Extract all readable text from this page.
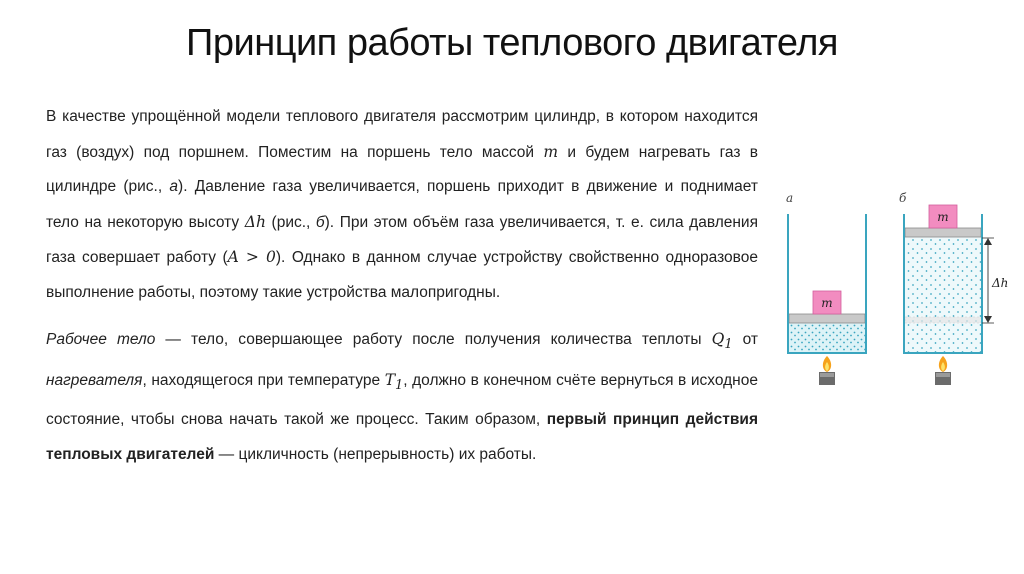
Принцип работы теплового двигателя

В качестве упрощённой модели теплового двигателя рассмотрим цилиндр, в котором находится газ (воздух) под поршнем. Поместим на поршень тело массой m и будем нагревать газ в цилиндре (рис., а). Давление газа увеличивается, поршень приходит в движение и поднимает тело на некоторую высоту Δh (рис., б). При этом объём газа увеличивается, т. е. сила давления газа совершает работу (A > 0). Однако в данном случае устройству свойственно одноразовое выполнение работы, поэтому такие устройства малопригодны.

Рабочее тело — тело, совершающее работу после получения количества теплоты $Q_1$ от нагревателя, находящегося при температуре $T_1$, должно в конечном счёте вернуться в исходное состояние, чтобы снова начать такой же процесс. Таким образом, первый принцип действия тепловых двигателей — цикличность (непрерывность) их работы.

а
m
б
m
Δh
